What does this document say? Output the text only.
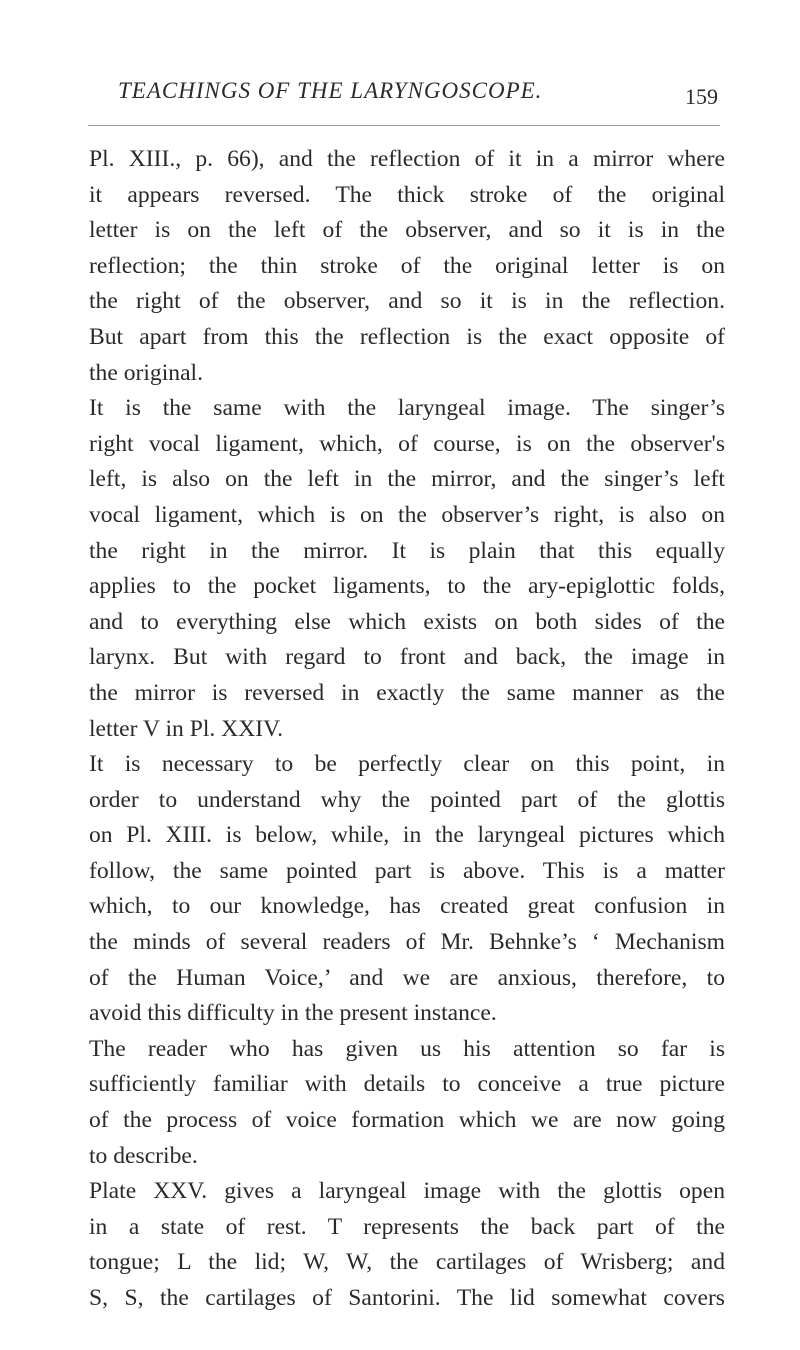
TEACHINGS OF THE LARYNGOSCOPE.	159
Pl. XIII., p. 66), and the reflection of it in a mirror where
it appears reversed. The thick stroke of the original
letter is on the left of the observer, and so it is in the
reflection; the thin stroke of the original letter is on
the right of the observer, and so it is in the reflection.
But apart from this the reflection is the exact opposite of
the original.
It is the same with the laryngeal image. The singer’s
right vocal ligament, which, of course, is on the observer's
left, is also on the left in the mirror, and the singer’s left
vocal ligament, which is on the observer’s right, is also on
the right in the mirror. It is plain that this equally
applies to the pocket ligaments, to the ary-epiglottic folds,
and to everything else which exists on both sides of the
larynx. But with regard to front and back, the image in
the mirror is reversed in exactly the same manner as the
letter V in Pl. XXIV.
It is necessary to be perfectly clear on this point, in
order to understand why the pointed part of the glottis
on Pl. XIII. is below, while, in the laryngeal pictures which
follow, the same pointed part is above. This is a matter
which, to our knowledge, has created great confusion in
the minds of several readers of Mr. Behnke’s ‘ Mechanism
of the Human Voice,’ and we are anxious, therefore, to
avoid this difficulty in the present instance.
The reader who has given us his attention so far is
sufficiently familiar with details to conceive a true picture
of the process of voice formation which we are now going
to describe.
Plate XXV. gives a laryngeal image with the glottis open
in a state of rest. T represents the back part of the
tongue; L the lid; W, W, the cartilages of Wrisberg; and
S, S, the cartilages of Santorini. The lid somewhat covers
